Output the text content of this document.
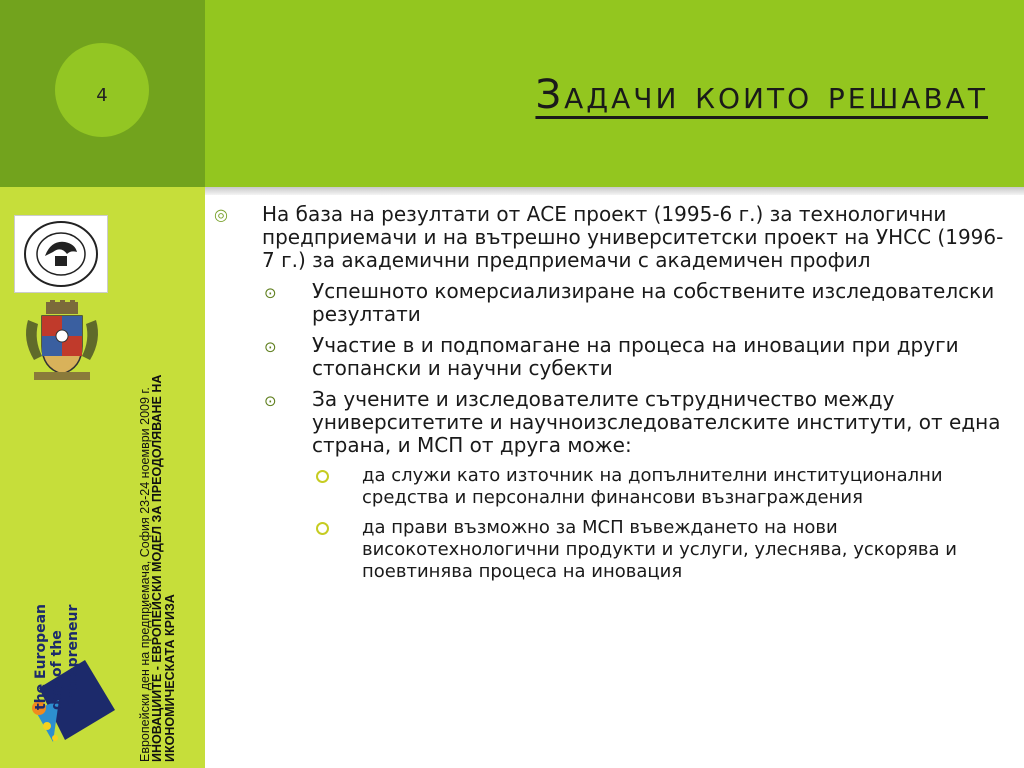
4
Европейски ден на предприемача, София 23-24 ноември 2009 г.
ИНОВАЦИИТЕ - ЕВРОПЕЙСКИ МОДЕЛ ЗА ПРЕОДОЛЯВАНЕ НА ИКОНОМИЧЕСКАТА КРИЗА
the European day of the Entrepreneur
Задачи които решават
◎ На база на резултати от АСЕ проект (1995-6 г.) за технологични предприемачи и на вътрешно университетски проект на УНСС (1996-7 г.) за академични предприемачи с академичен профил
⊙ Успешното комерсиализиране на собствените изследователски резултати
⊙ Участие в и подпомагане на процеса на иновации при други стопански и научни субекти
⊙ За учените и изследователите сътрудничество между университетите и научноизследователските институти, от една страна, и МСП от друга може:
да служи като източник на допълнителни институционални средства и персонални финансови възнаграждения
да прави възможно за МСП въвеждането на нови високотехнологични продукти и услуги, улеснява, ускорява и поевтинява процеса на иновация
